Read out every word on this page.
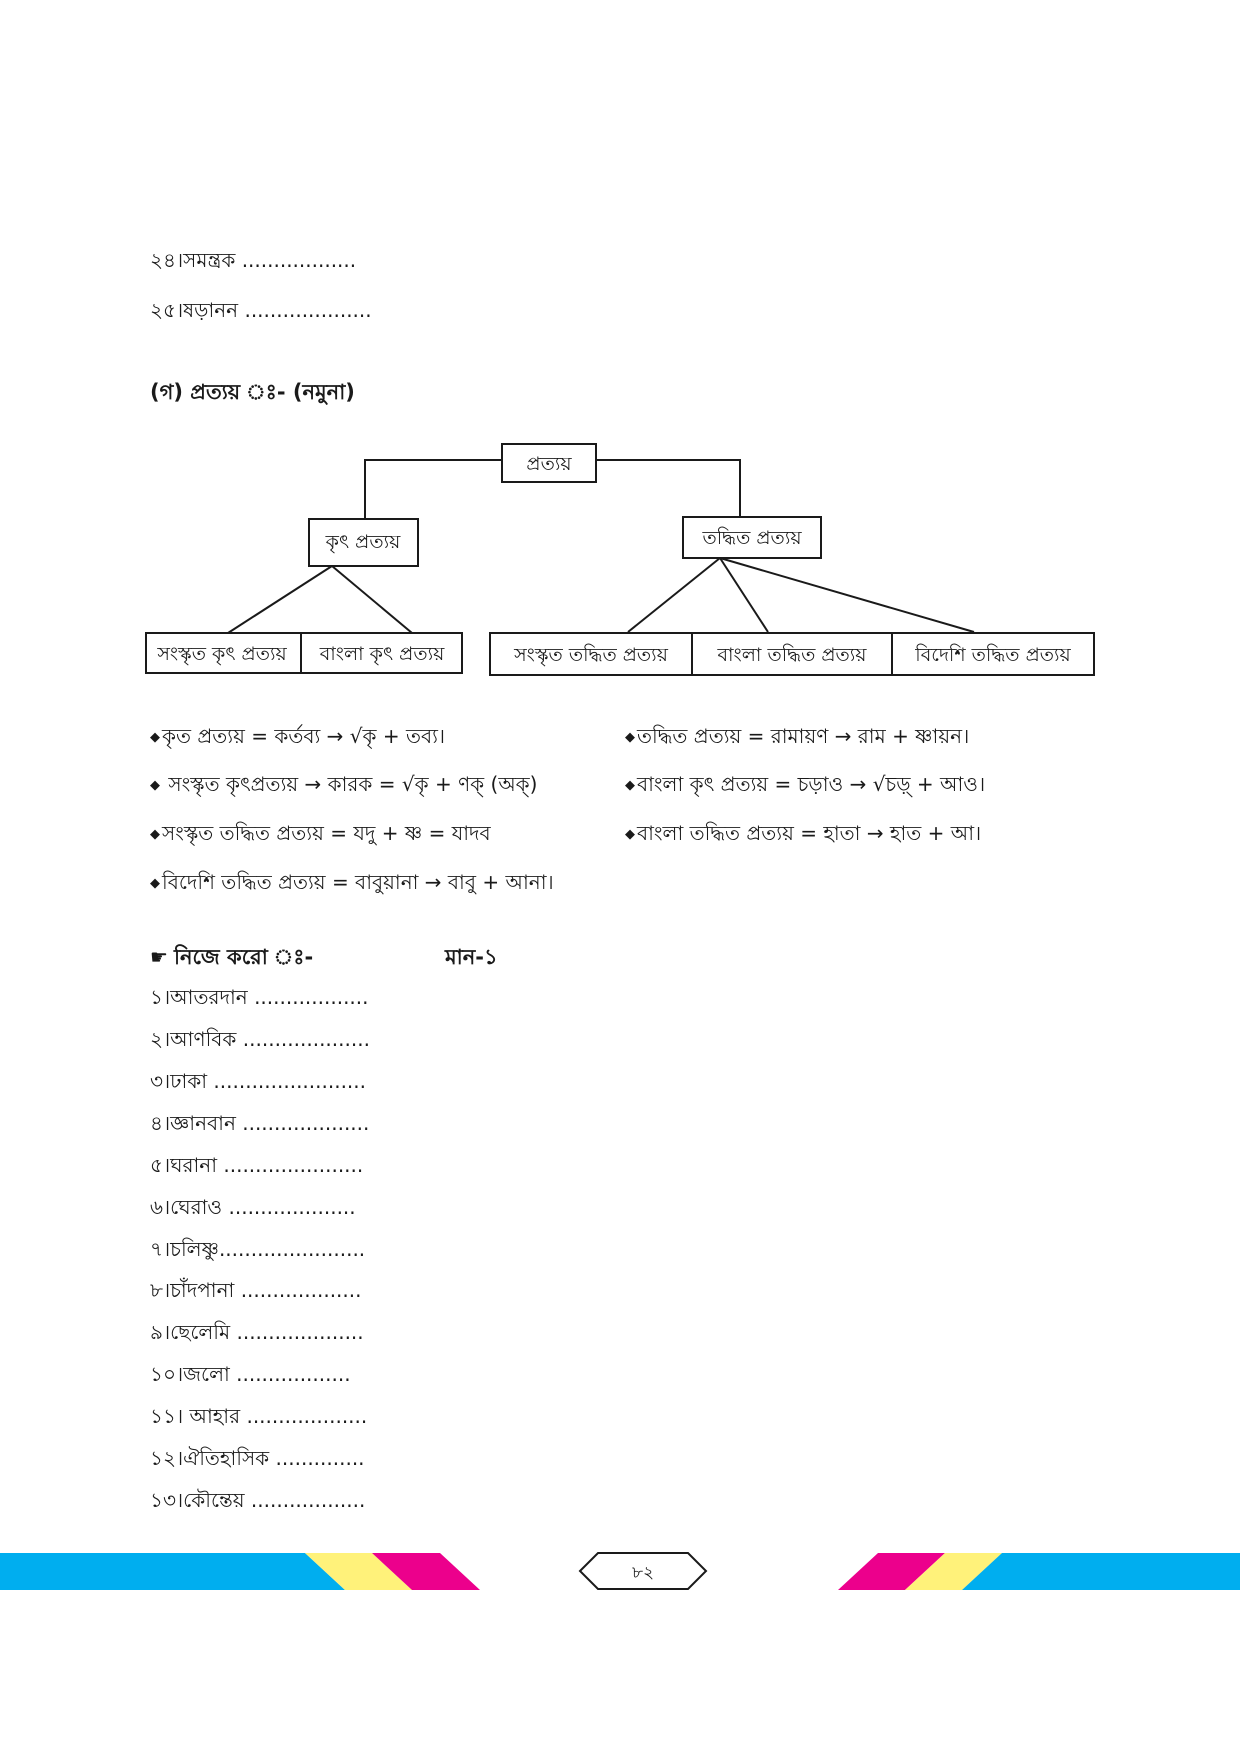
২৪।সমন্ত্রক ..................
২৫।ষড়ানন ....................
(গ) প্রত্যয় ঃ- (নমুনা)
প্রত্যয়
কৃৎ প্রত্যয়	তদ্ধিত প্রত্যয়
সংস্কৃত কৃৎ প্রত্যয় বাংলা কৃৎ প্রত্যয়	সংস্কৃত তদ্ধিত প্রত্যয়	বাংলা তদ্ধিত প্রত্যয়	বিদেশি তদ্ধিত প্রত্যয়
◆ কৃত প্রত্যয় = কর্তব্য → √কৃ + তব্য।	◆ তদ্ধিত প্রত্যয় = রামায়ণ → রাম + ষ্ণায়ন।
◆ সংস্কৃত কৃৎপ্রত্যয় → কারক = √কৃ + ণক্ (অক্)	◆ বাংলা কৃৎ প্রত্যয় = চড়াও → √চড়্ + আও।
◆ সংস্কৃত তদ্ধিত প্রত্যয় = যদু + ষ্ণ = যাদব	◆ বাংলা তদ্ধিত প্রত্যয় = হাতা → হাত + আ।
◆ বিদেশি তদ্ধিত প্রত্যয় = বাবুয়ানা → বাবু + আনা।
☛ নিজে করো ঃ-	মান-১
১।আতরদান ..................
২।আণবিক ....................
৩।ঢাকা ........................
৪।জ্ঞানবান ....................
৫।ঘরানা ......................
৬।ঘেরাও ....................
৭।চলিষ্ণু.......................
৮।চাঁদপানা ...................
৯।ছেলেমি ....................
১০।জলো ..................
১১। আহার ...................
১২।ঐতিহাসিক ..............
১৩।কৌন্তেয় ..................
৮২
